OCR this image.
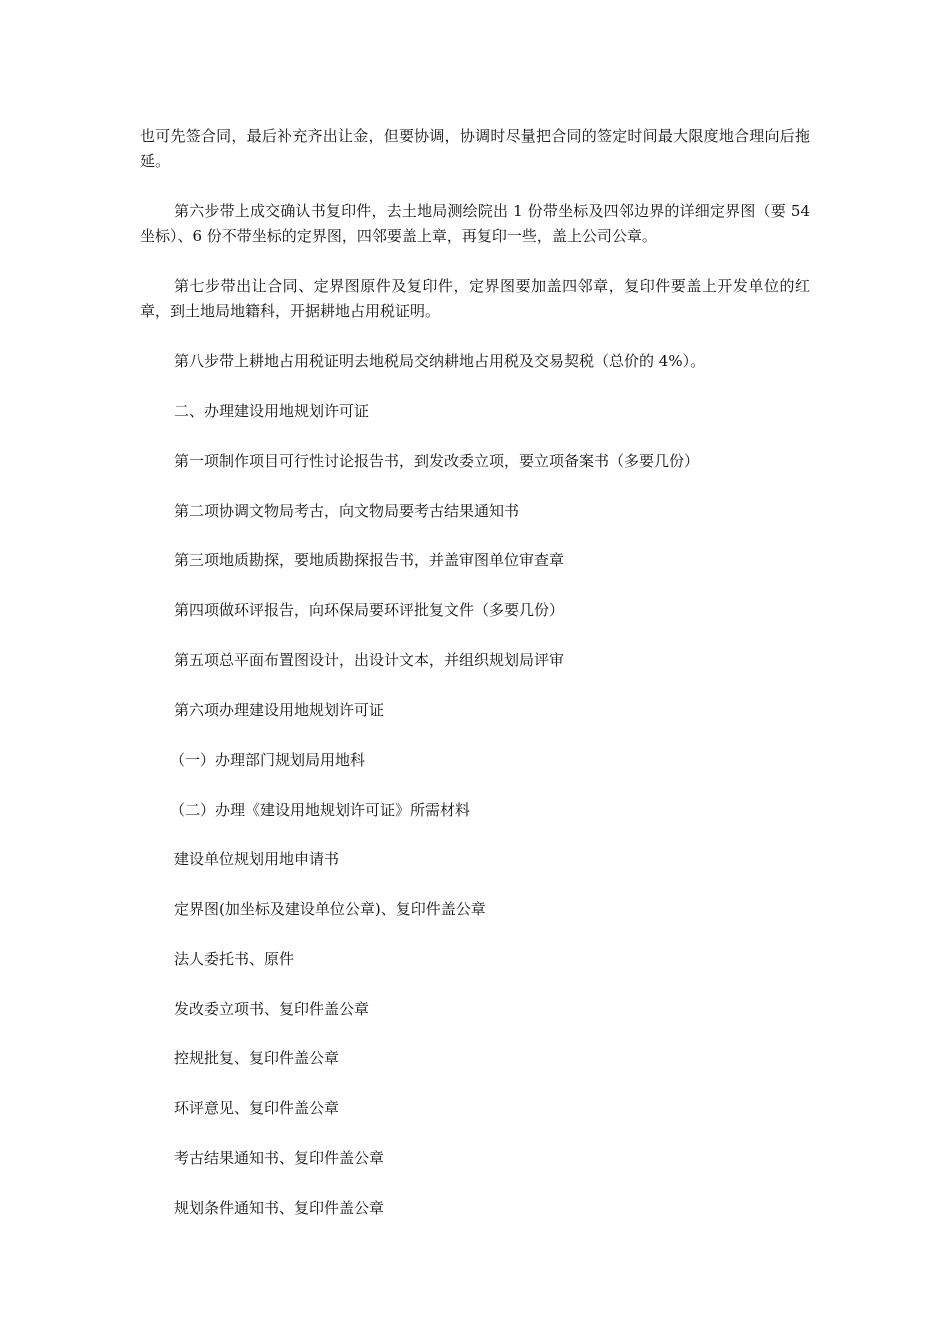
也可先签合同，最后补充齐出让金，但要协调，协调时尽量把合同的签定时间最大限度地合理向后拖延。

第六步带上成交确认书复印件，去土地局测绘院出 1 份带坐标及四邻边界的详细定界图（要 54 坐标）、6 份不带坐标的定界图，四邻要盖上章，再复印一些，盖上公司公章。

第七步带出让合同、定界图原件及复印件，定界图要加盖四邻章，复印件要盖上开发单位的红章，到土地局地籍科，开据耕地占用税证明。

第八步带上耕地占用税证明去地税局交纳耕地占用税及交易契税（总价的 4%）。

二、办理建设用地规划许可证

第一项制作项目可行性讨论报告书，到发改委立项，要立项备案书（多要几份）

第二项协调文物局考古，向文物局要考古结果通知书

第三项地质勘探，要地质勘探报告书，并盖审图单位审查章

第四项做环评报告，向环保局要环评批复文件（多要几份）

第五项总平面布置图设计，出设计文本，并组织规划局评审

第六项办理建设用地规划许可证

（一）办理部门规划局用地科

（二）办理《建设用地规划许可证》所需材料

建设单位规划用地申请书

定界图(加坐标及建设单位公章)、复印件盖公章

法人委托书、原件

发改委立项书、复印件盖公章

控规批复、复印件盖公章

环评意见、复印件盖公章

考古结果通知书、复印件盖公章

规划条件通知书、复印件盖公章
